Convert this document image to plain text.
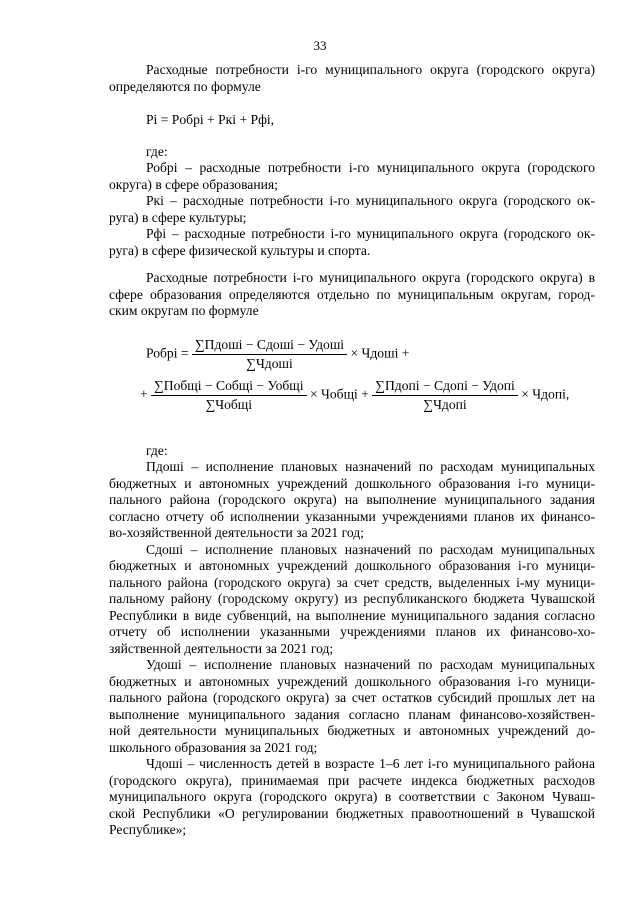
33
Расходные потребности i-го муниципального округа (городского округа)
определяются по формуле
Pi = Pобрi + Pкi + Pфi,
где:
Робрi – расходные потребности i-го муниципального округа (городского
округа) в сфере образования;
Ркi – расходные потребности i-го муниципального округа (городского ок-
руга) в сфере культуры;
Рфi – расходные потребности i-го муниципального округа (городского ок-
руга) в сфере физической культуры и спорта.
Расходные потребности i-го муниципального округа (городского округа) в
сфере образования определяются отдельно по муниципальным округам, город-
ским округам по формуле
Робрi = $\frac{\text{∑Пдошi − Сдошi − Удошi}}{\text{∑Чдошi}}$ × Чдошi +
+ $\frac{\text{∑Побщi − Cобщi − Уобщi}}{\text{∑Чобщi}}$ × Чобщi + $\frac{\text{∑Пдопi − Сдопi − Удопi}}{\text{∑Чдопi}}$ × Чдопi,
где:
Пдошi – исполнение плановых назначений по расходам муниципальных
бюджетных и автономных учреждений дошкольного образования i-го муници-
пального района (городского округа) на выполнение муниципального задания
согласно отчету об исполнении указанными учреждениями планов их финансо-
во-хозяйственной деятельности за 2021 год;
Сдошi – исполнение плановых назначений по расходам муниципальных
бюджетных и автономных учреждений дошкольного образования i-го муници-
пального района (городского округа) за счет средств, выделенных i-му муници-
пальному району (городскому округу) из республиканского бюджета Чувашской
Республики в виде субвенций, на выполнение муниципального задания согласно
отчету об исполнении указанными учреждениями планов их финансово-хо-
зяйственной деятельности за 2021 год;
Удошi – исполнение плановых назначений по расходам муниципальных
бюджетных и автономных учреждений дошкольного образования i-го муници-
пального района (городского округа) за счет остатков субсидий прошлых лет на
выполнение муниципального задания согласно планам финансово-хозяйствен-
ной деятельности муниципальных бюджетных и автономных учреждений до-
школьного образования за 2021 год;
Чдошi – численность детей в возрасте 1–6 лет i-го муниципального района
(городского округа), принимаемая при расчете индекса бюджетных расходов
муниципального округа (городского округа) в соответствии с Законом Чуваш-
ской Республики «О регулировании бюджетных правоотношений в Чувашской
Республике»;
